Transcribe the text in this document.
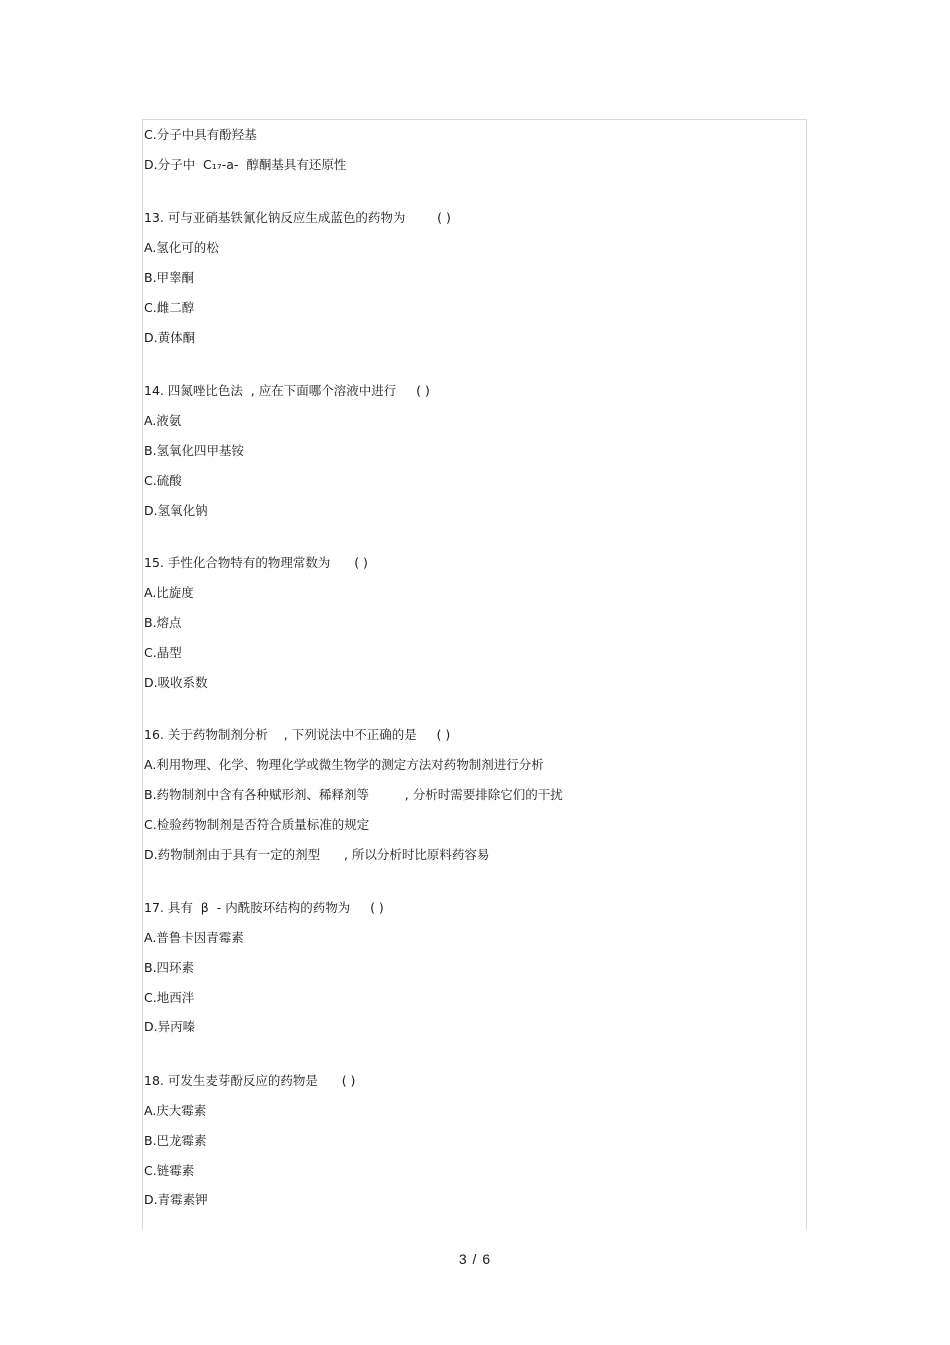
C.分子中具有酚羟基
D.分子中  C₁₇-a-  醇酮基具有还原性
13. 可与亚硝基铁氰化钠反应生成蓝色的药物为        ( )
A.氢化可的松
B.甲睾酮
C.雌二醇
D.黄体酮
14. 四氮唑比色法  , 应在下面哪个溶液中进行     ( )
A.液氨
B.氢氧化四甲基铵
C.硫酸
D.氢氧化钠
15. 手性化合物特有的物理常数为      ( )
A.比旋度
B.熔点
C.晶型
D.吸收系数
16. 关于药物制剂分析    , 下列说法中不正确的是     ( )
A.利用物理、化学、物理化学或微生物学的测定方法对药物制剂进行分析
B.药物制剂中含有各种赋形剂、稀释剂等         , 分析时需要排除它们的干扰
C.检验药物制剂是否符合质量标准的规定
D.药物制剂由于具有一定的剂型      , 所以分析时比原料药容易
17. 具有  β  - 内酰胺环结构的药物为     ( )
A.普鲁卡因青霉素
B.四环素
C.地西泮
D.异丙嗪
18. 可发生麦芽酚反应的药物是      ( )
A.庆大霉素
B.巴龙霉素
C.链霉素
D.青霉素钾
3 / 6
